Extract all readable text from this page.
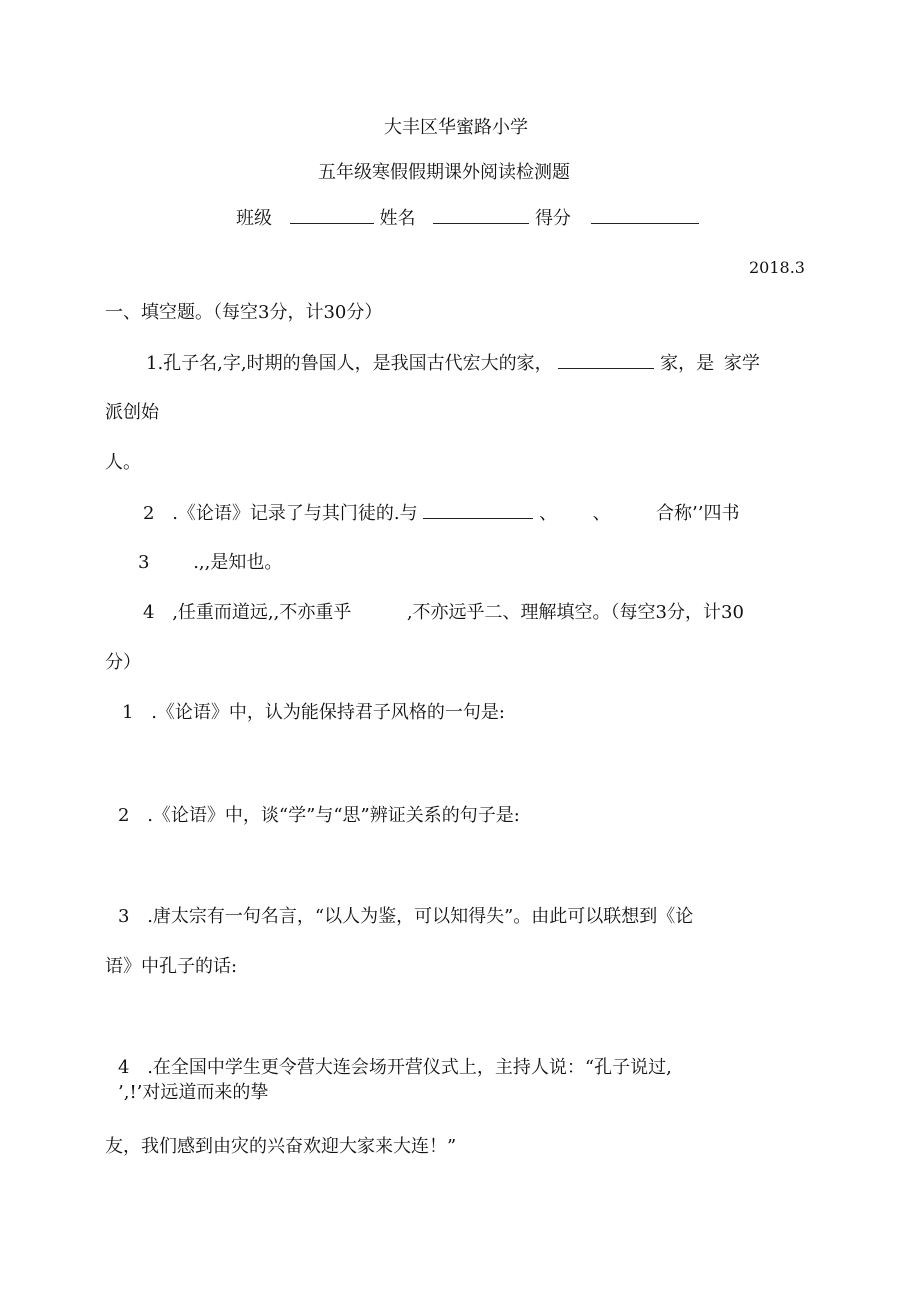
大丰区华蜜路小学
五年级寒假假期课外阅读检测题
班级	姓名	得分
2018.3
一、填空题。（每空3分，计30分）
1.孔子名,字,时期的鲁国人，是我国古代宏大的家，	家，是 家学
派创始
人。
2 .《论语》记录了与其门徒的.与	、 、	合称’’四书
3 .,,是知也。
4 ,任重而道远,,不亦重乎	,不亦远乎二、理解填空。（每空3分，计30
分）
1 .《论语》中，认为能保持君子风格的一句是:
2 .《论语》中，谈“学”与“思”辨证关系的句子是:
3 .唐太宗有一句名言，“以人为鉴，可以知得失”。由此可以联想到《论
语》中孔子的话:
4 .在全国中学生更令营大连会场开营仪式上，主持人说：“孔子说过,
’,!’对远道而来的挚
友，我们感到由灾的兴奋欢迎大家来大连！”
